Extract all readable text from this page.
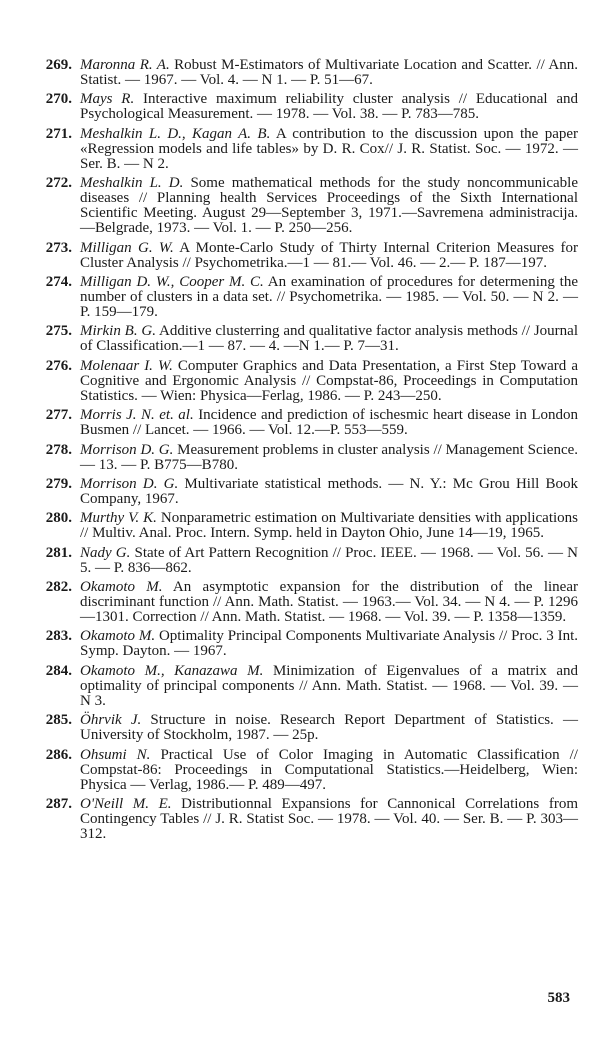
269. Maronna R. A. Robust M-Estimators of Multivariate Location and Scatter. // Ann. Statist. — 1967. — Vol. 4. — N 1. — P. 51—67.
270. Mays R. Interactive maximum reliability cluster analysis // Educational and Psychological Measurement. — 1978. — Vol. 38. — P. 783—785.
271. Meshalkin L. D., Kagan A. B. A contribution to the discussion upon the paper «Regression models and life tables» by D. R. Cox// J. R. Statist. Soc. — 1972. — Ser. B. — N 2.
272. Meshalkin L. D. Some mathematical methods for the study noncommunicable diseases // Planning health Services Proceedings of the Sixth International Scientific Meeting. August 29—September 3, 1971.—Savremena administracija.—Belgrade, 1973. — Vol. 1. — P. 250—256.
273. Milligan G. W. A Monte-Carlo Study of Thirty Internal Criterion Measures for Cluster Analysis // Psychometrika.—1 — 81.— Vol. 46. — 2.— P. 187—197.
274. Milligan D. W., Cooper M. C. An examination of procedures for determening the number of clusters in a data set. // Psychometrika. — 1985. — Vol. 50. — N 2. — P. 159—179.
275. Mirkin B. G. Additive clusterring and qualitative factor analysis methods // Journal of Classification.—1 — 87. — 4. —N 1.— P. 7—31.
276. Molenaar I. W. Computer Graphics and Data Presentation, a First Step Toward a Cognitive and Ergonomic Analysis // Compstat-86, Proceedings in Computation Statistics. — Wien: Physica—Ferlag, 1986. — P. 243—250.
277. Morris J. N. et. al. Incidence and prediction of ischesmic heart disease in London Busmen // Lancet. — 1966. — Vol. 12.—P. 553—559.
278. Morrison D. G. Measurement problems in cluster analysis // Management Science. — 13. — P. B775—B780.
279. Morrison D. G. Multivariate statistical methods. — N. Y.: Mc Grou Hill Book Company, 1967.
280. Murthy V. K. Nonparametric estimation on Multivariate densities with applications // Multiv. Anal. Proc. Intern. Symp. held in Dayton Ohio, June 14—19, 1965.
281. Nady G. State of Art Pattern Recognition // Proc. IEEE. — 1968. — Vol. 56. — N 5. — P. 836—862.
282. Okamoto M. An asymptotic expansion for the distribution of the linear discriminant function // Ann. Math. Statist. — 1963.— Vol. 34. — N 4. — P. 1296—1301. Correction // Ann. Math. Statist. — 1968. — Vol. 39. — P. 1358—1359.
283. Okamoto M. Optimality Principal Components Multivariate Analysis // Proc. 3 Int. Symp. Dayton. — 1967.
284. Okamoto M., Kanazawa M. Minimization of Eigenvalues of a matrix and optimality of principal components // Ann. Math. Statist. — 1968. — Vol. 39. — N 3.
285. Öhrvik J. Structure in noise. Research Report Department of Statistics. — University of Stockholm, 1987. — 25p.
286. Ohsumi N. Practical Use of Color Imaging in Automatic Classification // Compstat-86: Proceedings in Computational Statistics.—Heidelberg, Wien: Physica — Verlag, 1986.— P. 489—497.
287. O'Neill M. E. Distributionnal Expansions for Cannonical Correlations from Contingency Tables // J. R. Statist Soc. — 1978. — Vol. 40. — Ser. B. — P. 303—312.
583
